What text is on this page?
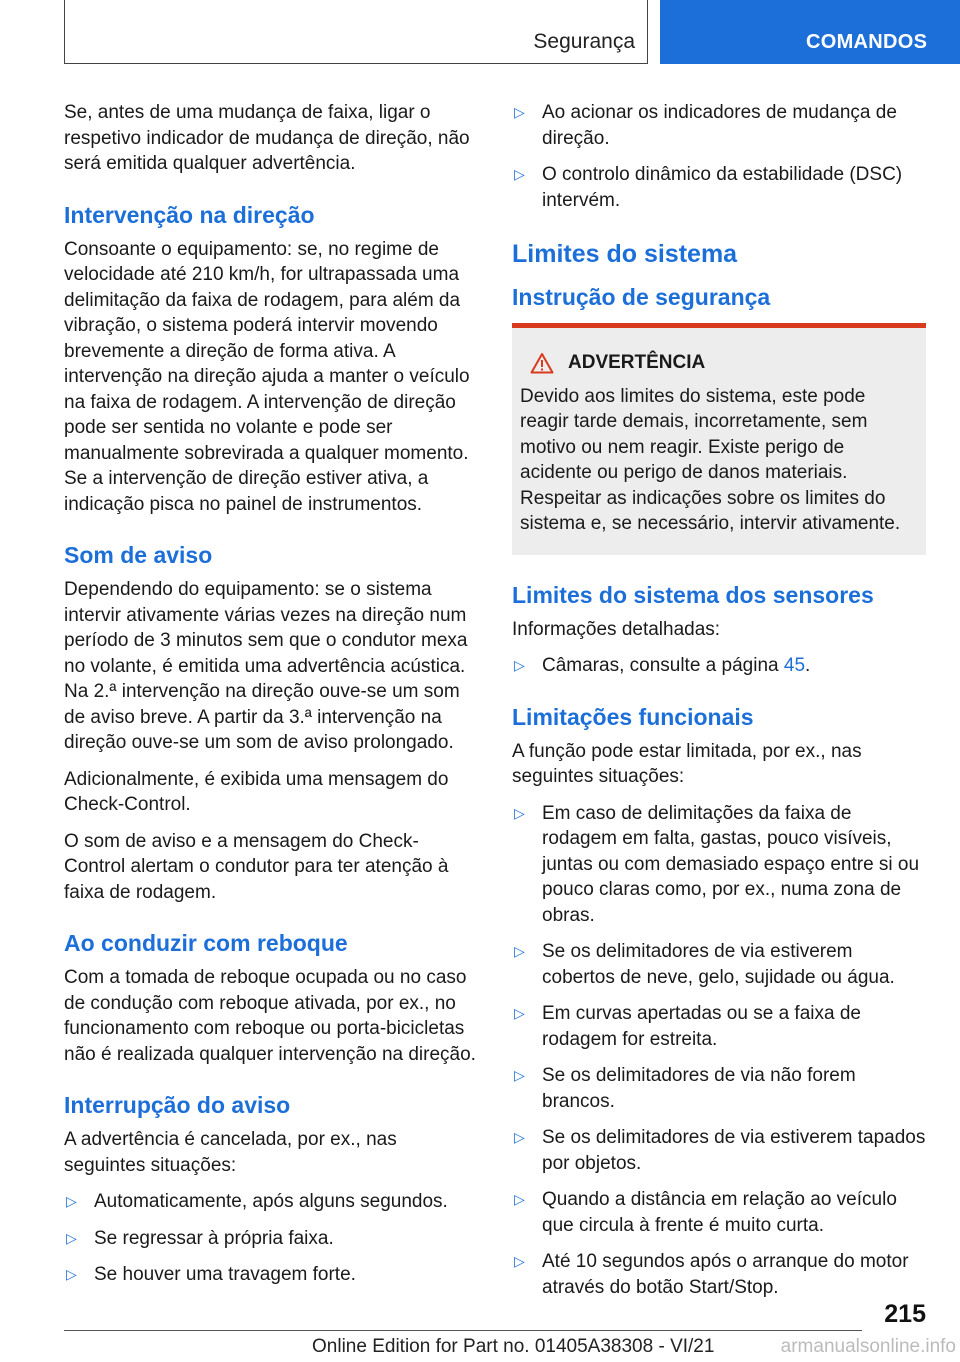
Segurança	COMANDOS

Se, antes de uma mudança de faixa, ligar o respetivo indicador de mudança de direção, não será emitida qualquer advertência.

Intervenção na direção

Consoante o equipamento: se, no regime de velocidade até 210 km/h, for ultrapassada uma delimitação da faixa de rodagem, para além da vibração, o sistema poderá intervir movendo brevemente a direção de forma ativa. A intervenção na direção ajuda a manter o veículo na faixa de rodagem. A intervenção de direção pode ser sentida no volante e pode ser manualmente sobrevirada a qualquer momento. Se a intervenção de direção estiver ativa, a indicação pisca no painel de instrumentos.

Som de aviso

Dependendo do equipamento: se o sistema intervir ativamente várias vezes na direção num período de 3 minutos sem que o condutor mexa no volante, é emitida uma advertência acústica. Na 2.ª intervenção na direção ouve-se um som de aviso breve. A partir da 3.ª intervenção na direção ouve-se um som de aviso prolongado.

Adicionalmente, é exibida uma mensagem do Check-Control.

O som de aviso e a mensagem do Check-Control alertam o condutor para ter atenção à faixa de rodagem.

Ao conduzir com reboque

Com a tomada de reboque ocupada ou no caso de condução com reboque ativada, por ex., no funcionamento com reboque ou porta-bicicletas não é realizada qualquer intervenção na direção.

Interrupção do aviso

A advertência é cancelada, por ex., nas seguintes situações:

▷ Automaticamente, após alguns segundos.
▷ Se regressar à própria faixa.
▷ Se houver uma travagem forte.
▷ Ao acionar os indicadores de mudança de direção.
▷ O controlo dinâmico da estabilidade (DSC) intervém.
Limites do sistema
Instrução de segurança
ADVERTÊNCIA
Devido aos limites do sistema, este pode reagir tarde demais, incorretamente, sem motivo ou nem reagir. Existe perigo de acidente ou perigo de danos materiais. Respeitar as indicações sobre os limites do sistema e, se necessário, intervir ativamente.
Limites do sistema dos sensores

Informações detalhadas:

▷ Câmaras, consulte a página 45.
Limitações funcionais

A função pode estar limitada, por ex., nas seguintes situações:

▷ Em caso de delimitações da faixa de rodagem em falta, gastas, pouco visíveis, juntas ou com demasiado espaço entre si ou pouco claras como, por ex., numa zona de obras.
▷ Se os delimitadores de via estiverem cobertos de neve, gelo, sujidade ou água.
▷ Em curvas apertadas ou se a faixa de rodagem for estreita.
▷ Se os delimitadores de via não forem brancos.
▷ Se os delimitadores de via estiverem tapados por objetos.
▷ Quando a distância em relação ao veículo que circula à frente é muito curta.
▷ Até 10 segundos após o arranque do motor através do botão Start/Stop.
215
Online Edition for Part no. 01405A38308 - VI/21	armanualsonline.info
